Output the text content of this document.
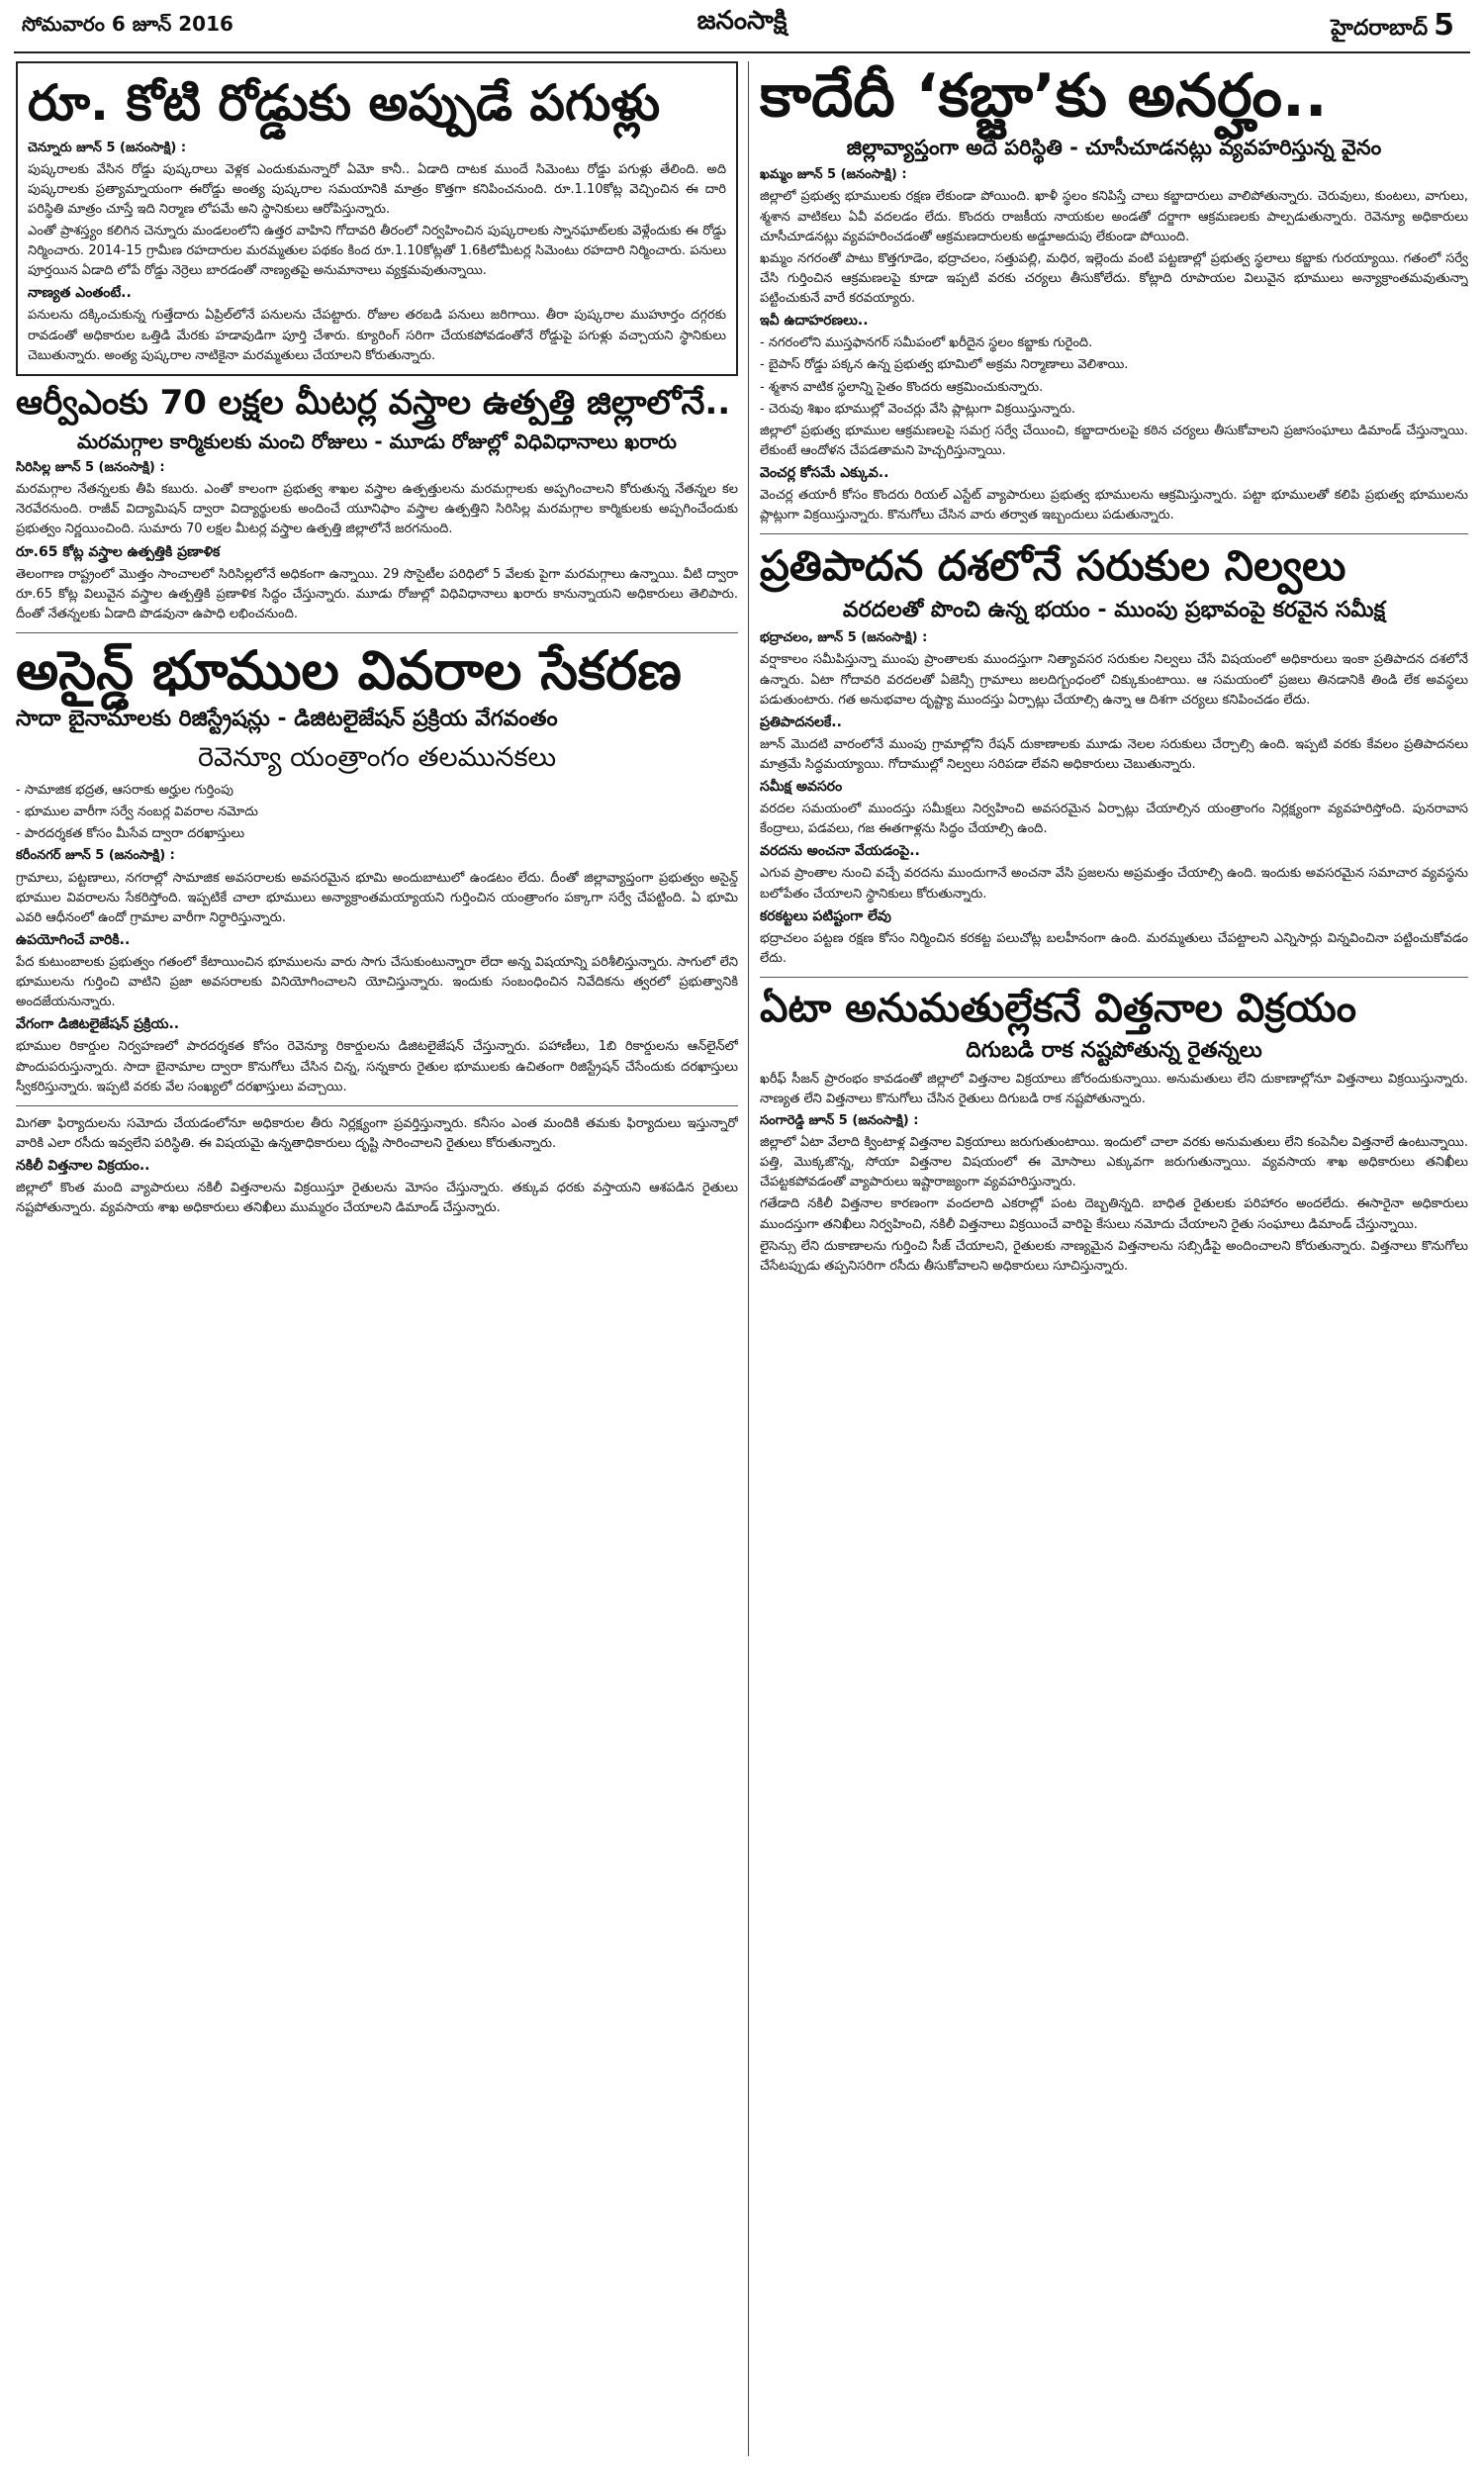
సోమవారం 6 జూన్ 2016	జనంసాక్షి	హైదరాబాద్ 5
రూ. కోటి రోడ్డుకు అప్పుడే పగుళ్లు
చెన్నూరు జూన్ 5 (జనంసాక్షి) :

పుష్కరాలకు వేసిన రోడ్డు పుష్కరాలు వెళ్లక ఎందుకుమన్నారో ఏమో కానీ.. ఏడాది దాటక ముందే సిమెంటు రోడ్డు పగుళ్లు తేలింది. అది పుష్కరాలకు ప్రత్యామ్నాయంగా ఈరోడ్డు అంత్య పుష్కరాల సమయానికి మాత్రం కొత్తగా కనిపించనుంది. రూ.1.10కోట్ల వెచ్చించిన ఈ దారి పరిస్థితి మాత్రం చూస్తే ఇది నిర్మాణ లోపమే అని స్థానికులు ఆరోపిస్తున్నారు.

ఎంతో ప్రాశస్త్యం కలిగిన చెన్నూరు మండలంలోని ఉత్తర వాహిని గోదావరి తీరంలో నిర్వహించిన పుష్కరాలకు స్నానఘాట్‌లకు వెళ్లేందుకు ఈ రోడ్డు నిర్మించారు. 2014-15 గ్రామీణ రహదారుల మరమ్మతుల పథకం కింద రూ.1.10కోట్లతో 1.6కిలోమీటర్ల సిమెంటు రహదారి నిర్మించారు. పనులు పూర్తయిన ఏడాది లోపే రోడ్డు నెర్రెలు బారడంతో నాణ్యతపై అనుమానాలు వ్యక్తమవుతున్నాయి.

నాణ్యత ఎంతంటే..

పనులను దక్కించుకున్న గుత్తేదారు ఏప్రిల్‌లోనే పనులను చేపట్టారు. రోజుల తరబడి పనులు జరిగాయి. తీరా పుష్కరాల ముహూర్తం దగ్గరకు రావడంతో అధికారుల ఒత్తిడి మేరకు హడావుడిగా పూర్తి చేశారు. క్యూరింగ్ సరిగా చేయకపోవడంతోనే రోడ్డుపై పగుళ్లు వచ్చాయని స్థానికులు చెబుతున్నారు. అంత్య పుష్కరాల నాటికైనా మరమ్మతులు చేయాలని కోరుతున్నారు.

ఆర్వీఎంకు 70 లక్షల మీటర్ల వస్త్రాల ఉత్పత్తి జిల్లాలోనే..
మరమగ్గాల కార్మికులకు మంచి రోజులు - మూడు రోజుల్లో విధివిధానాలు ఖరారు
సిరిసిల్ల జూన్ 5 (జనంసాక్షి) :

మరమగ్గాల నేతన్నలకు తీపి కబురు. ఎంతో కాలంగా ప్రభుత్వ శాఖల వస్త్రాల ఉత్పత్తులను మరమగ్గాలకు అప్పగించాలని కోరుతున్న నేతన్నల కల నెరవేరనుంది. రాజీవ్ విద్యామిషన్ ద్వారా విద్యార్థులకు అందించే యూనిఫాం వస్త్రాల ఉత్పత్తిని సిరిసిల్ల మరమగ్గాల కార్మికులకు అప్పగించేందుకు ప్రభుత్వం నిర్ణయించింది. సుమారు 70 లక్షల మీటర్ల వస్త్రాల ఉత్పత్తి జిల్లాలోనే జరగనుంది.

రూ.65 కోట్ల వస్త్రాల ఉత్పత్తికి ప్రణాళిక

తెలంగాణ రాష్ట్రంలో మొత్తం సాంచాలలో సిరిసిల్లలోనే అధికంగా ఉన్నాయి. 29 సొసైటీల పరిధిలో 5 వేలకు పైగా మరమగ్గాలు ఉన్నాయి. వీటి ద్వారా రూ.65 కోట్ల విలువైన వస్త్రాల ఉత్పత్తికి ప్రణాళిక సిద్ధం చేస్తున్నారు. మూడు రోజుల్లో విధివిధానాలు ఖరారు కానున్నాయని అధికారులు తెలిపారు. దీంతో నేతన్నలకు ఏడాది పొడవునా ఉపాధి లభించనుంది.

అసైన్డ్ భూముల వివరాల సేకరణ
సాదా బైనామాలకు రిజిస్ట్రేషన్లు - డిజిటలైజేషన్ ప్రక్రియ వేగవంతం
రెవెన్యూ యంత్రాంగం తలమునకలు
- సామాజిక భద్రత, ఆసరాకు అర్హుల గుర్తింపు
- భూముల వారీగా సర్వే నంబర్ల వివరాల నమోదు
- పారదర్శకత కోసం మీసేవ ద్వారా దరఖాస్తులు
కరీంనగర్ జూన్ 5 (జనంసాక్షి) :

గ్రామాలు, పట్టణాలు, నగరాల్లో సామాజిక అవసరాలకు అవసరమైన భూమి అందుబాటులో ఉండటం లేదు. దీంతో జిల్లావ్యాప్తంగా ప్రభుత్వం అసైన్డ్ భూముల వివరాలను సేకరిస్తోంది. ఇప్పటికే చాలా భూములు అన్యాక్రాంతమయ్యాయని గుర్తించిన యంత్రాంగం పక్కాగా సర్వే చేపట్టింది. ఏ భూమి ఎవరి ఆధీనంలో ఉందో గ్రామాల వారీగా నిర్ధారిస్తున్నారు.

ఉపయోగించే వారికి..

పేద కుటుంబాలకు ప్రభుత్వం గతంలో కేటాయించిన భూములను వారు సాగు చేసుకుంటున్నారా లేదా అన్న విషయాన్ని పరిశీలిస్తున్నారు. సాగులో లేని భూములను గుర్తించి వాటిని ప్రజా అవసరాలకు వినియోగించాలని యోచిస్తున్నారు. ఇందుకు సంబంధించిన నివేదికను త్వరలో ప్రభుత్వానికి అందజేయనున్నారు.

వేగంగా డిజిటలైజేషన్ ప్రక్రియ..

భూముల రికార్డుల నిర్వహణలో పారదర్శకత కోసం రెవెన్యూ రికార్డులను డిజిటలైజేషన్ చేస్తున్నారు. పహాణీలు, 1బి రికార్డులను ఆన్‌లైన్‌లో పొందుపరుస్తున్నారు. సాదా బైనామాల ద్వారా కొనుగోలు చేసిన చిన్న, సన్నకారు రైతుల భూములకు ఉచితంగా రిజిస్ట్రేషన్ చేసేందుకు దరఖాస్తులు స్వీకరిస్తున్నారు. ఇప్పటి వరకు వేల సంఖ్యలో దరఖాస్తులు వచ్చాయి.

మిగతా ఫిర్యాదులను సమోదు చేయడంలోనూ అధికారుల తీరు నిర్లక్ష్యంగా ప్రవర్తిస్తున్నారు. కనీసం ఎంత మందికి తమకు ఫిర్యాదులు ఇస్తున్నారో వారికి ఎలా రసీదు ఇవ్వలేని పరిస్థితి. ఈ విషయమై ఉన్నతాధికారులు దృష్టి సారించాలని రైతులు కోరుతున్నారు.

నకిలీ విత్తనాల విక్రయం..

జిల్లాలో కొంత మంది వ్యాపారులు నకిలీ విత్తనాలను విక్రయిస్తూ రైతులను మోసం చేస్తున్నారు. తక్కువ ధరకు వస్తాయని ఆశపడిన రైతులు నష్టపోతున్నారు. వ్యవసాయ శాఖ అధికారులు తనిఖీలు ముమ్మరం చేయాలని డిమాండ్ చేస్తున్నారు.

కాదేదీ ‘కబ్జా’కు అనర్హం..
జిల్లావ్యాప్తంగా అదే పరిస్థితి - చూసీచూడనట్లు వ్యవహరిస్తున్న వైనం
ఖమ్మం జూన్ 5 (జనంసాక్షి) :

జిల్లాలో ప్రభుత్వ భూములకు రక్షణ లేకుండా పోయింది. ఖాళీ స్థలం కనిపిస్తే చాలు కబ్జాదారులు వాలిపోతున్నారు. చెరువులు, కుంటలు, వాగులు, శ్మశాన వాటికలు ఏవీ వదలడం లేదు. కొందరు రాజకీయ నాయకుల అండతో దర్జాగా ఆక్రమణలకు పాల్పడుతున్నారు. రెవెన్యూ అధికారులు చూసీచూడనట్లు వ్యవహరించడంతో ఆక్రమణదారులకు అడ్డూఅదుపు లేకుండా పోయింది.

ఖమ్మం నగరంతో పాటు కొత్తగూడెం, భద్రాచలం, సత్తుపల్లి, మధిర, ఇల్లెందు వంటి పట్టణాల్లో ప్రభుత్వ స్థలాలు కబ్జాకు గురయ్యాయి. గతంలో సర్వే చేసి గుర్తించిన ఆక్రమణలపై కూడా ఇప్పటి వరకు చర్యలు తీసుకోలేదు. కోట్లాది రూపాయల విలువైన భూములు అన్యాక్రాంతమవుతున్నా పట్టించుకునే వారే కరవయ్యారు.

ఇవీ ఉదాహరణలు..
- నగరంలోని ముస్తఫానగర్ సమీపంలో ఖరీదైన స్థలం కబ్జాకు గురైంది.
- బైపాస్ రోడ్డు పక్కన ఉన్న ప్రభుత్వ భూమిలో అక్రమ నిర్మాణాలు వెలిశాయి.
- శ్మశాన వాటిక స్థలాన్ని సైతం కొందరు ఆక్రమించుకున్నారు.
- చెరువు శిఖం భూముల్లో వెంచర్లు వేసి ప్లాట్లుగా విక్రయిస్తున్నారు.

జిల్లాలో ప్రభుత్వ భూముల ఆక్రమణలపై సమగ్ర సర్వే చేయించి, కబ్జాదారులపై కఠిన చర్యలు తీసుకోవాలని ప్రజాసంఘాలు డిమాండ్ చేస్తున్నాయి. లేకుంటే ఆందోళన చేపడతామని హెచ్చరిస్తున్నాయి.

వెంచర్ల కోసమే ఎక్కువ..

వెంచర్ల తయారీ కోసం కొందరు రియల్ ఎస్టేట్ వ్యాపారులు ప్రభుత్వ భూములను ఆక్రమిస్తున్నారు. పట్టా భూములతో కలిపి ప్రభుత్వ భూములను ప్లాట్లుగా విక్రయిస్తున్నారు. కొనుగోలు చేసిన వారు తర్వాత ఇబ్బందులు పడుతున్నారు.

ప్రతిపాదన దశలోనే సరుకుల నిల్వలు
వరదలతో పొంచి ఉన్న భయం - ముంపు ప్రభావంపై కరవైన సమీక్ష
భద్రాచలం, జూన్ 5 (జనంసాక్షి) :

వర్షాకాలం సమీపిస్తున్నా ముంపు ప్రాంతాలకు ముందస్తుగా నిత్యావసర సరుకుల నిల్వలు చేసే విషయంలో అధికారులు ఇంకా ప్రతిపాదన దశలోనే ఉన్నారు. ఏటా గోదావరి వరదలతో ఏజెన్సీ గ్రామాలు జలదిగ్బంధంలో చిక్కుకుంటాయి. ఆ సమయంలో ప్రజలు తినడానికి తిండి లేక అవస్థలు పడుతుంటారు. గత అనుభవాల దృష్ట్యా ముందస్తు ఏర్పాట్లు చేయాల్సి ఉన్నా ఆ దిశగా చర్యలు కనిపించడం లేదు.

ప్రతిపాదనలకే..

జూన్ మొదటి వారంలోనే ముంపు గ్రామాల్లోని రేషన్ దుకాణాలకు మూడు నెలల సరుకులు చేర్చాల్సి ఉంది. ఇప్పటి వరకు కేవలం ప్రతిపాదనలు మాత్రమే సిద్ధమయ్యాయి. గోదాముల్లో నిల్వలు సరిపడా లేవని అధికారులు చెబుతున్నారు.

సమీక్ష అవసరం

వరదల సమయంలో ముందస్తు సమీక్షలు నిర్వహించి అవసరమైన ఏర్పాట్లు చేయాల్సిన యంత్రాంగం నిర్లక్ష్యంగా వ్యవహరిస్తోంది. పునరావాస కేంద్రాలు, పడవలు, గజ ఈతగాళ్లను సిద్ధం చేయాల్సి ఉంది.

వరదను అంచనా వేయడంపై..

ఎగువ ప్రాంతాల నుంచి వచ్చే వరదను ముందుగానే అంచనా వేసి ప్రజలను అప్రమత్తం చేయాల్సి ఉంది. ఇందుకు అవసరమైన సమాచార వ్యవస్థను బలోపేతం చేయాలని స్థానికులు కోరుతున్నారు.

కరకట్టలు పటిష్టంగా లేవు

భద్రాచలం పట్టణ రక్షణ కోసం నిర్మించిన కరకట్ట పలుచోట్ల బలహీనంగా ఉంది. మరమ్మతులు చేపట్టాలని ఎన్నిసార్లు విన్నవించినా పట్టించుకోవడం లేదు.

ఏటా అనుమతుల్లేకనే విత్తనాల విక్రయం
దిగుబడి రాక నష్టపోతున్న రైతన్నలు

ఖరీఫ్ సీజన్ ప్రారంభం కావడంతో జిల్లాలో విత్తనాల విక్రయాలు జోరందుకున్నాయి. అనుమతులు లేని దుకాణాల్లోనూ విత్తనాలు విక్రయిస్తున్నారు. నాణ్యత లేని విత్తనాలు కొనుగోలు చేసిన రైతులు దిగుబడి రాక నష్టపోతున్నారు.

సంగారెడ్డి జూన్ 5 (జనంసాక్షి) :

జిల్లాలో ఏటా వేలాది క్వింటాళ్ల విత్తనాల విక్రయాలు జరుగుతుంటాయి. ఇందులో చాలా వరకు అనుమతులు లేని కంపెనీల విత్తనాలే ఉంటున్నాయి. పత్తి, మొక్కజొన్న, సోయా విత్తనాల విషయంలో ఈ మోసాలు ఎక్కువగా జరుగుతున్నాయి. వ్యవసాయ శాఖ అధికారులు తనిఖీలు చేపట్టకపోవడంతో వ్యాపారులు ఇష్టారాజ్యంగా వ్యవహరిస్తున్నారు.

గతేడాది నకిలీ విత్తనాల కారణంగా వందలాది ఎకరాల్లో పంట దెబ్బతిన్నది. బాధిత రైతులకు పరిహారం అందలేదు. ఈసారైనా అధికారులు ముందస్తుగా తనిఖీలు నిర్వహించి, నకిలీ విత్తనాలు విక్రయించే వారిపై కేసులు నమోదు చేయాలని రైతు సంఘాలు డిమాండ్ చేస్తున్నాయి.

లైసెన్సు లేని దుకాణాలను గుర్తించి సీజ్ చేయాలని, రైతులకు నాణ్యమైన విత్తనాలను సబ్సిడీపై అందించాలని కోరుతున్నారు. విత్తనాలు కొనుగోలు చేసేటప్పుడు తప్పనిసరిగా రసీదు తీసుకోవాలని అధికారులు సూచిస్తున్నారు.
